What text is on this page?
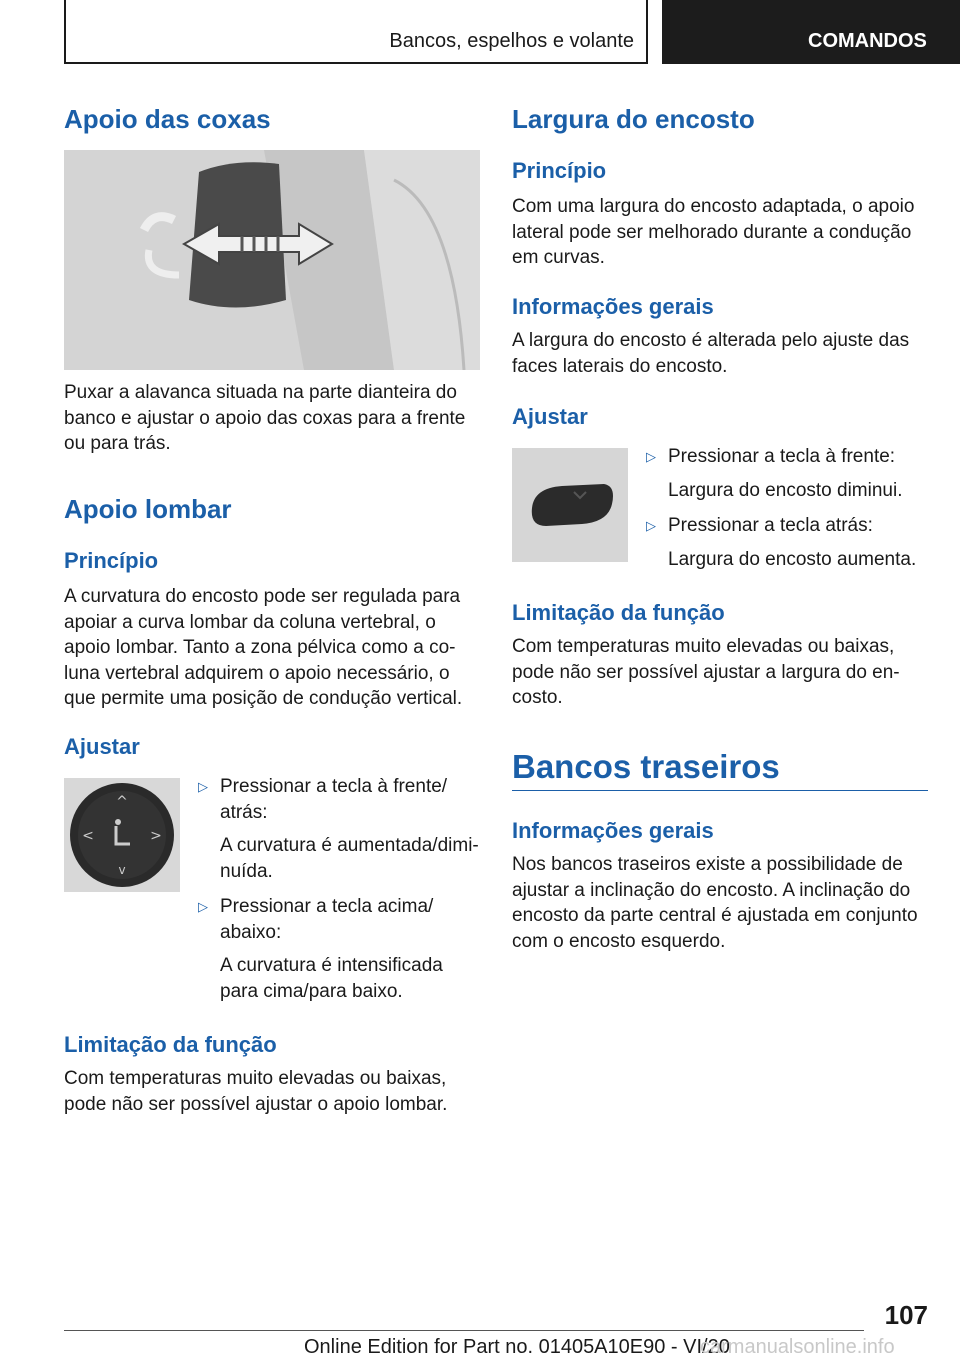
Bancos, espelhos e volante	COMANDOS
Apoio das coxas

Puxar a alavanca situada na parte dianteira do banco e ajustar o apoio das coxas para a frente ou para trás.

Apoio lombar
Princípio

A curvatura do encosto pode ser regulada para apoiar a curva lombar da coluna vertebral, o apoio lombar. Tanto a zona pélvica como a co-luna vertebral adquirem o apoio necessário, o que permite uma posição de condução vertical.

Ajustar
^
v
<	>
▷ Pressionar a tecla à frente/ atrás:
A curvatura é aumentada/dimi-nuída.
▷ Pressionar a tecla acima/ abaixo:
A curvatura é intensificada para cima/para baixo.
Limitação da função

Com temperaturas muito elevadas ou baixas, pode não ser possível ajustar o apoio lombar.

Largura do encosto
Princípio

Com uma largura do encosto adaptada, o apoio lateral pode ser melhorado durante a condução em curvas.

Informações gerais

A largura do encosto é alterada pelo ajuste das faces laterais do encosto.

Ajustar
▷ Pressionar a tecla à frente:
Largura do encosto diminui.
▷ Pressionar a tecla atrás:
Largura do encosto aumenta.
Limitação da função

Com temperaturas muito elevadas ou baixas, pode não ser possível ajustar a largura do en-costo.

Bancos traseiros
Informações gerais

Nos bancos traseiros existe a possibilidade de ajustar a inclinação do encosto. A inclinação do encosto da parte central é ajustada em conjunto com o encosto esquerdo.

107
Online Edition for Part no. 01405A10E90 - VI/20
carmanualsonline.info
